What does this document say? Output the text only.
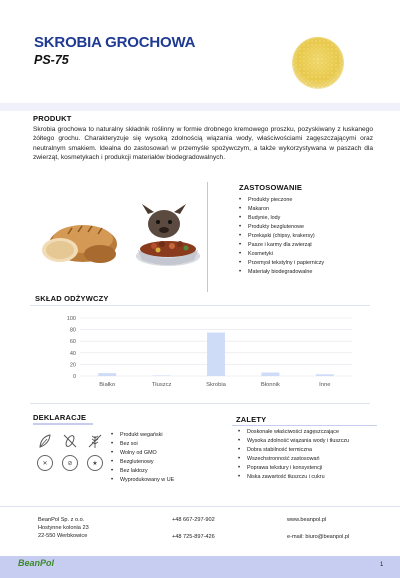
SKROBIA GROCHOWA
PS-75
PRODUKT
Skrobia grochowa to naturalny składnik roślinny w formie drobnego kremowego proszku, pozyskiwany z łuskanego żółtego grochu. Charakteryzuje się wysoką zdolnością wiązania wody, właściwościami zagęszczającymi oraz neutralnym smakiem. Idealna do zastosowań w przemyśle spożywczym, a także wykorzystywana w paszach dla zwierząt, kosmetykach i produkcji materiałów biodegradowalnych.
ZASTOSOWANIE
• Produkty pieczone
• Makaron
• Budynie, lody
• Produkty bezglutenowe
• Przekąski (chipsy, krakersy)
• Pasze i karmy dla zwierząt
• Kosmetyki
• Przemysł tekstylny i papierniczy
• Materiały biodegradowalne
SKŁAD ODŻYWCZY
0
20
40
60
80
100
Białko	Tłuszcz	Skrobia	Błonnik	Inne
DEKLARACJE
✕	⊘	★
• Produkt wegański
• Bez soi
• Wolny od GMO
• Bezglutenowy
• Bez laktozy
• Wyprodukowany w UE
ZALETY
• Doskonałe właściwości zagęszczające
• Wysoka zdolność wiązania wody i tłuszczu
• Dobra stabilność termiczna
• Wszechstronność zastosowań
• Poprawa tekstury i konsystencji
• Niska zawartość tłuszczu i cukru
BeanPol Sp. z o.o.
Hostynne kolonia 23
22-550 Werbkowice
+48 667-297-902
+48 725-897-426
www.beanpol.pl
e-mail: biuro@beanpol.pl
BeanPol	1
